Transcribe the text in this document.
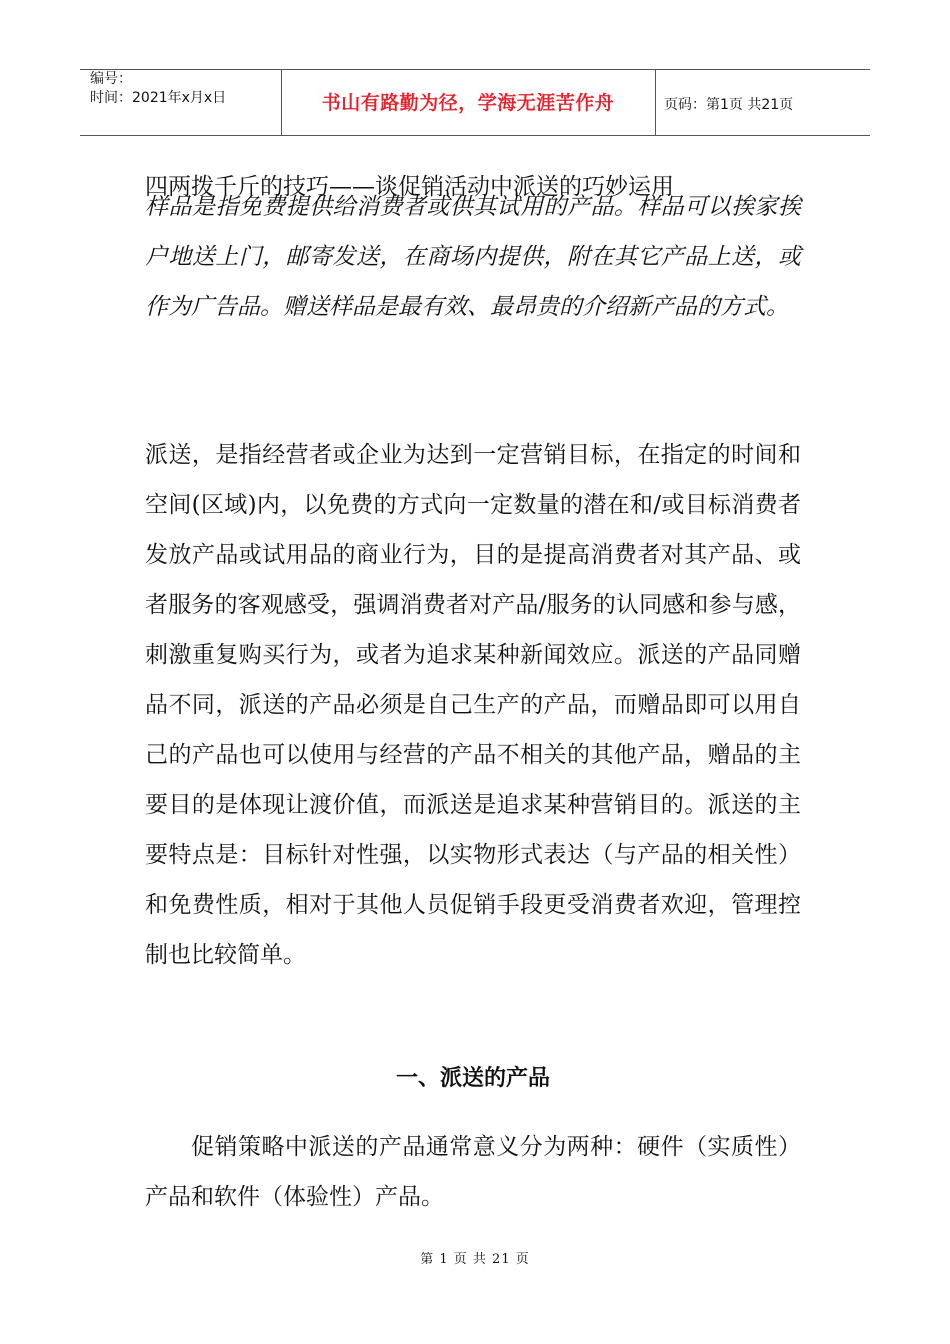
编号：
时间：2021年x月x日	书山有路勤为径，学海无涯苦作舟	页码：第1页 共21页
四两拨千斤的技巧——谈促销活动中派送的巧妙运用

样品是指免费提供给消费者或供其试用的产品。样品可以挨家挨户地送上门，邮寄发送，在商场内提供，附在其它产品上送，或作为广告品。赠送样品是最有效、最昂贵的介绍新产品的方式。

派送，是指经营者或企业为达到一定营销目标，在指定的时间和空间(区域)内，以免费的方式向一定数量的潜在和/或目标消费者发放产品或试用品的商业行为，目的是提高消费者对其产品、或者服务的客观感受，强调消费者对产品/服务的认同感和参与感，刺激重复购买行为，或者为追求某种新闻效应。派送的产品同赠品不同，派送的产品必须是自己生产的产品，而赠品即可以用自己的产品也可以使用与经营的产品不相关的其他产品，赠品的主要目的是体现让渡价值，而派送是追求某种营销目的。派送的主要特点是：目标针对性强，以实物形式表达（与产品的相关性）和免费性质，相对于其他人员促销手段更受消费者欢迎，管理控制也比较简单。

一、派送的产品

促销策略中派送的产品通常意义分为两种：硬件（实质性）产品和软件（体验性）产品。

第 1 页 共 21 页
